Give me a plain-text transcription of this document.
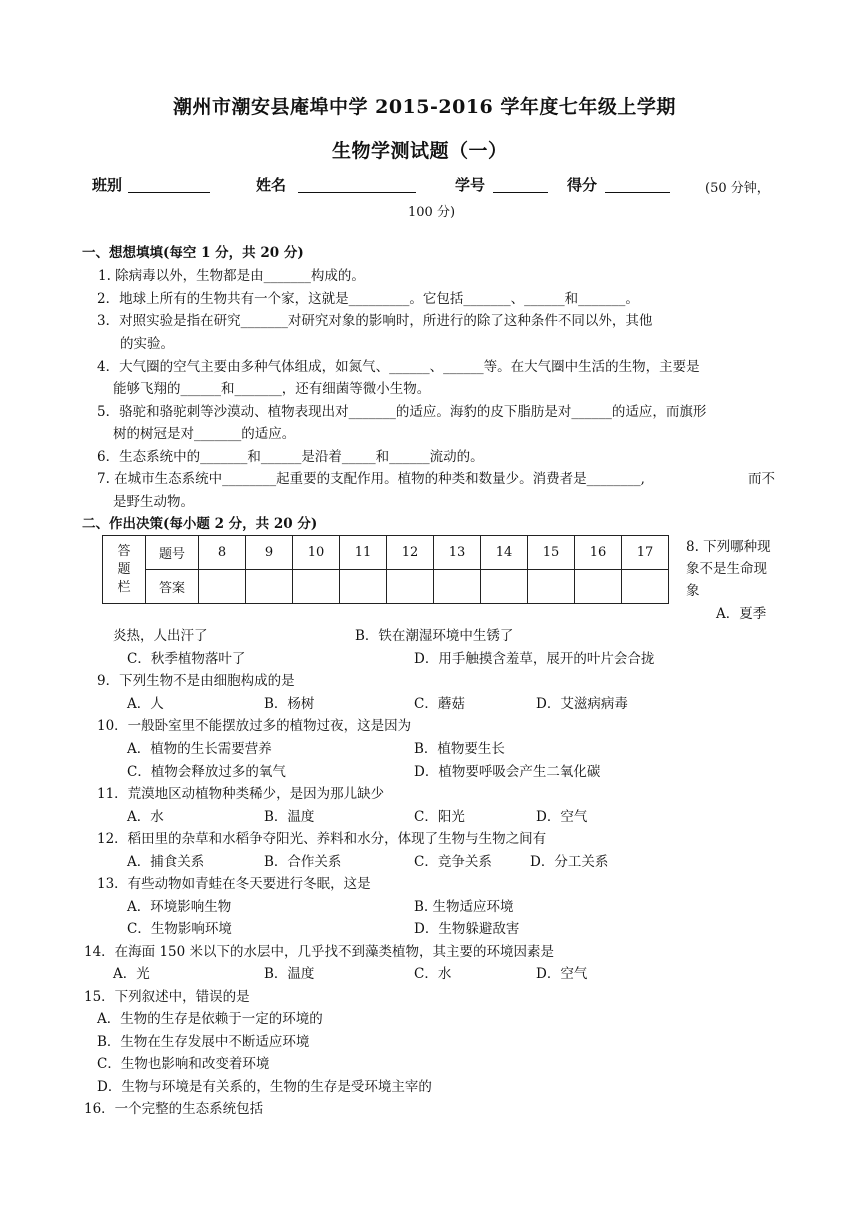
潮州市潮安县庵埠中学 2015-2016 学年度七年级上学期
生物学测试题（一）
班别	姓名	学号	得分	(50 分钟，
100 分)
一、想想填填(每空 1 分，共 20 分)
1. 除病毒以外，生物都是由_______构成的。
2．地球上所有的生物共有一个家，这就是_________。它包括_______、______和_______。
3．对照实验是指在研究_______对研究对象的影响时，所进行的除了这种条件不同以外，其他
的实验。
4．大气圈的空气主要由多种气体组成，如氮气、______、______等。在大气圈中生活的生物，主要是
能够飞翔的______和_______，还有细菌等微小生物。
5．骆驼和骆驼刺等沙漠动、植物表现出对_______的适应。海豹的皮下脂肪是对______的适应，而旗形
树的树冠是对_______的适应。
6．生态系统中的_______和______是沿着_____和______流动的。
7. 在城市生态系统中________起重要的支配作用。植物的种类和数量少。消费者是________,	而不
是野生动物。
二、作出决策(每小题 2 分，共 20 分)
答
题
栏	题号	8	9	10	11	12	13	14	15	16	17
	答案										
8. 下列哪种现
象不是生命现
象
A．夏季
炎热，人出汗了	B．铁在潮湿环境中生锈了
C．秋季植物落叶了	D．用手触摸含羞草，展开的叶片会合拢
9．下列生物不是由细胞构成的是
A．人	B．杨树	C．蘑菇	D．艾滋病病毒
10．一般卧室里不能摆放过多的植物过夜，这是因为
A．植物的生长需要营养	B．植物要生长
C．植物会释放过多的氧气	D．植物要呼吸会产生二氧化碳
11．荒漠地区动植物种类稀少，是因为那儿缺少
A．水	B．温度	C．阳光	D．空气
12．稻田里的杂草和水稻争夺阳光、养料和水分，体现了生物与生物之间有
A．捕食关系	B．合作关系	C．竞争关系	D．分工关系
13．有些动物如青蛙在冬天要进行冬眠，这是
A．环境影响生物	B. 生物适应环境
C．生物影响环境	D．生物躲避敌害
14．在海面 150 米以下的水层中，几乎找不到藻类植物，其主要的环境因素是
A．光	B．温度	C．水	D．空气
15．下列叙述中，错误的是
A．生物的生存是依赖于一定的环境的
B．生物在生存发展中不断适应环境
C．生物也影响和改变着环境
D．生物与环境是有关系的，生物的生存是受环境主宰的
16．一个完整的生态系统包括
